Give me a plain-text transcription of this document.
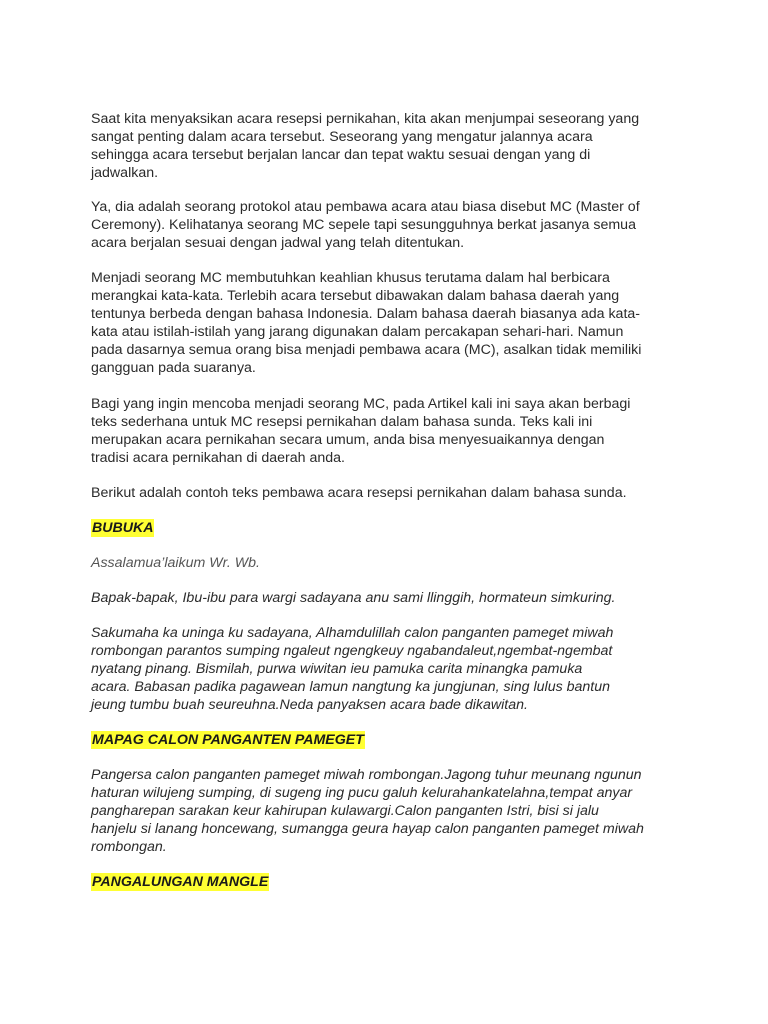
Saat kita menyaksikan acara resepsi pernikahan, kita akan menjumpai seseorang yang
sangat penting dalam acara tersebut. Seseorang yang mengatur jalannya acara
sehingga acara tersebut berjalan lancar dan tepat waktu sesuai dengan yang di
jadwalkan.

Ya, dia adalah seorang protokol atau pembawa acara atau biasa disebut MC (Master of
Ceremony). Kelihatanya seorang MC sepele tapi sesungguhnya berkat jasanya semua
acara berjalan sesuai dengan jadwal yang telah ditentukan.

Menjadi seorang MC membutuhkan keahlian khusus terutama dalam hal berbicara
merangkai kata-kata. Terlebih acara tersebut dibawakan dalam bahasa daerah yang
tentunya berbeda dengan bahasa Indonesia. Dalam bahasa daerah biasanya ada kata-
kata atau istilah-istilah yang jarang digunakan dalam percakapan sehari-hari. Namun
pada dasarnya semua orang bisa menjadi pembawa acara (MC), asalkan tidak memiliki
gangguan pada suaranya.

Bagi yang ingin mencoba menjadi seorang MC, pada Artikel kali ini saya akan berbagi
teks sederhana untuk MC resepsi pernikahan dalam bahasa sunda. Teks kali ini
merupakan acara pernikahan secara umum, anda bisa menyesuaikannya dengan
tradisi acara pernikahan di daerah anda.

Berikut adalah contoh teks pembawa acara resepsi pernikahan dalam bahasa sunda.

BUBUKA

Assalamua’laikum Wr. Wb.

Bapak-bapak, Ibu-ibu para wargi sadayana anu sami llinggih, hormateun simkuring.

Sakumaha ka uninga ku sadayana, Alhamdulillah calon panganten pameget miwah
rombongan parantos sumping ngaleut ngengkeuy ngabandaleut,ngembat-ngembat
nyatang pinang. Bismilah, purwa wiwitan ieu pamuka carita minangka pamuka
acara. Babasan padika pagawean lamun nangtung ka jungjunan, sing lulus bantun
jeung tumbu buah seureuhna.Neda panyaksen acara bade dikawitan.

MAPAG CALON PANGANTEN PAMEGET

Pangersa calon panganten pameget miwah rombongan.Jagong tuhur meunang ngunun
haturan wilujeng sumping, di sugeng ing pucu galuh kelurahankatelahna,tempat anyar
pangharepan sarakan keur kahirupan kulawargi.Calon panganten Istri, bisi si jalu
hanjelu si lanang honcewang, sumangga geura hayap calon panganten pameget miwah
rombongan.

PANGALUNGAN MANGLE
